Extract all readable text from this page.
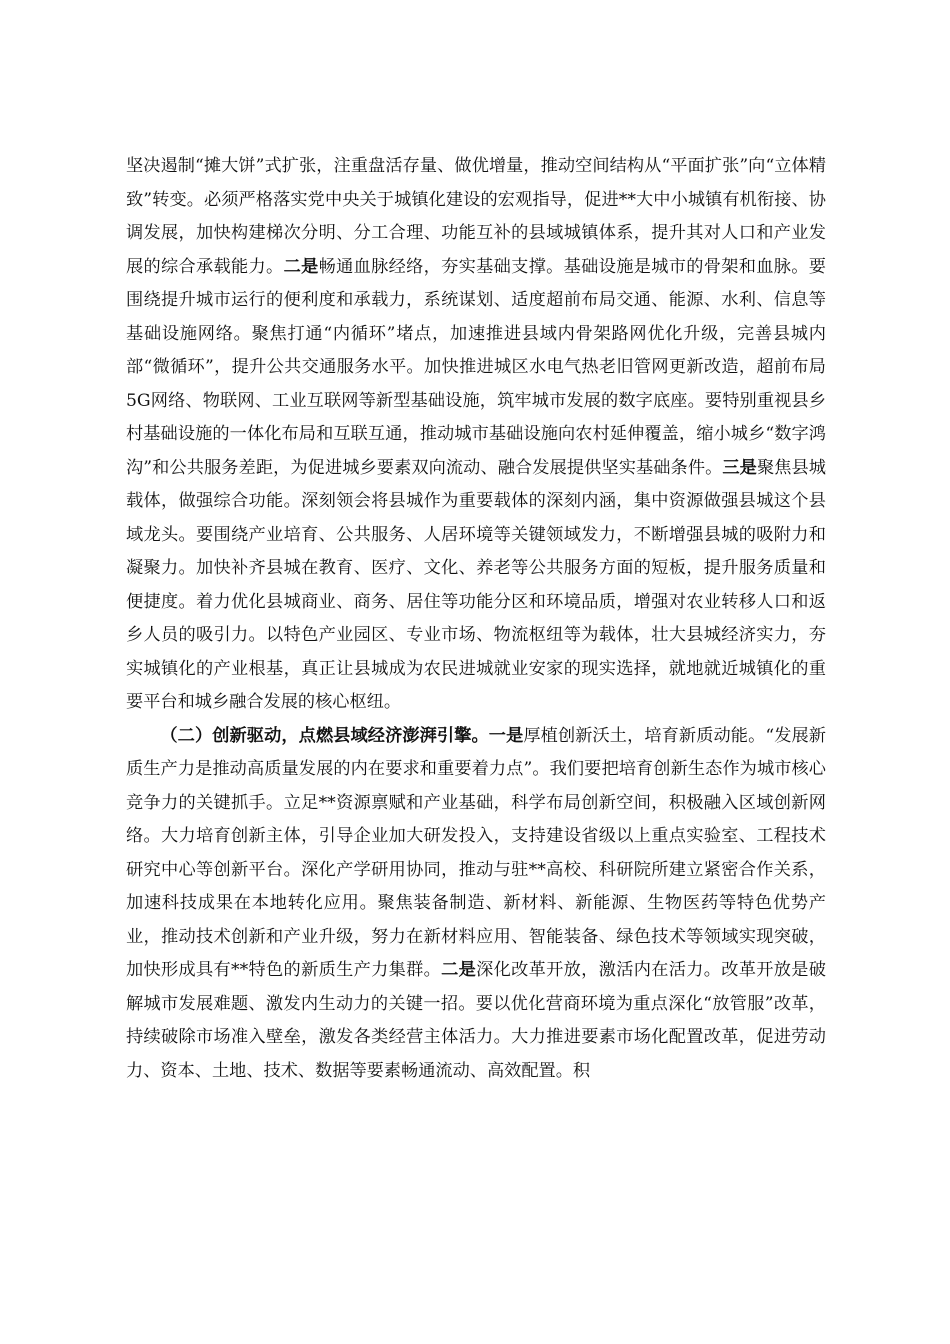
坚决遏制“摊大饼”式扩张，注重盘活存量、做优增量，推动空间结构从“平面扩张”向“立体精致”转变。必须严格落实党中央关于城镇化建设的宏观指导，促进**大中小城镇有机衔接、协调发展，加快构建梯次分明、分工合理、功能互补的县域城镇体系，提升其对人口和产业发展的综合承载能力。二是畅通血脉经络，夯实基础支撑。基础设施是城市的骨架和血脉。要围绕提升城市运行的便利度和承载力，系统谋划、适度超前布局交通、能源、水利、信息等基础设施网络。聚焦打通“内循环”堵点，加速推进县域内骨架路网优化升级，完善县城内部“微循环”，提升公共交通服务水平。加快推进城区水电气热老旧管网更新改造，超前布局5G网络、物联网、工业互联网等新型基础设施，筑牢城市发展的数字底座。要特别重视县乡村基础设施的一体化布局和互联互通，推动城市基础设施向农村延伸覆盖，缩小城乡“数字鸿沟”和公共服务差距，为促进城乡要素双向流动、融合发展提供坚实基础条件。三是聚焦县城载体，做强综合功能。深刻领会将县城作为重要载体的深刻内涵，集中资源做强县城这个县域龙头。要围绕产业培育、公共服务、人居环境等关键领域发力，不断增强县城的吸附力和凝聚力。加快补齐县城在教育、医疗、文化、养老等公共服务方面的短板，提升服务质量和便捷度。着力优化县城商业、商务、居住等功能分区和环境品质，增强对农业转移人口和返乡人员的吸引力。以特色产业园区、专业市场、物流枢纽等为载体，壮大县城经济实力，夯实城镇化的产业根基，真正让县城成为农民进城就业安家的现实选择，就地就近城镇化的重要平台和城乡融合发展的核心枢纽。

（二）创新驱动，点燃县域经济澎湃引擎。一是厚植创新沃土，培育新质动能。“发展新质生产力是推动高质量发展的内在要求和重要着力点”。我们要把培育创新生态作为城市核心竞争力的关键抓手。立足**资源禀赋和产业基础，科学布局创新空间，积极融入区域创新网络。大力培育创新主体，引导企业加大研发投入，支持建设省级以上重点实验室、工程技术研究中心等创新平台。深化产学研用协同，推动与驻**高校、科研院所建立紧密合作关系，加速科技成果在本地转化应用。聚焦装备制造、新材料、新能源、生物医药等特色优势产业，推动技术创新和产业升级，努力在新材料应用、智能装备、绿色技术等领域实现突破，加快形成具有**特色的新质生产力集群。二是深化改革开放，激活内在活力。改革开放是破解城市发展难题、激发内生动力的关键一招。要以优化营商环境为重点深化“放管服”改革，持续破除市场准入壁垒，激发各类经营主体活力。大力推进要素市场化配置改革，促进劳动力、资本、土地、技术、数据等要素畅通流动、高效配置。积
